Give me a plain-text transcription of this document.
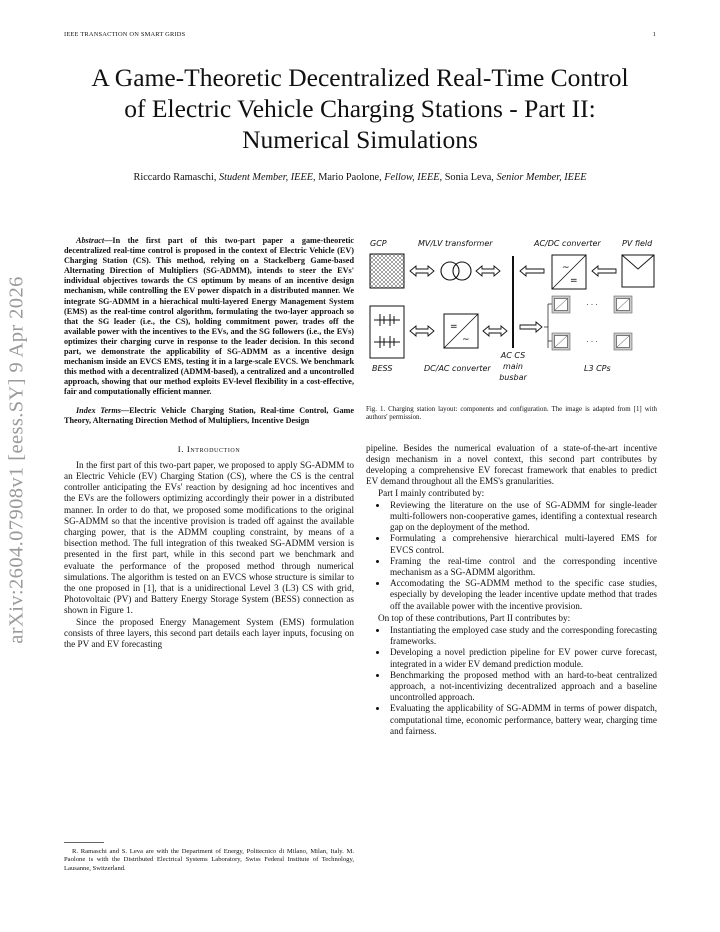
IEEE TRANSACTION ON SMART GRIDS	1
A Game-Theoretic Decentralized Real-Time Control
of Electric Vehicle Charging Stations - Part II:
Numerical Simulations
Riccardo Ramaschi, Student Member, IEEE, Mario Paolone, Fellow, IEEE, Sonia Leva, Senior Member, IEEE
arXiv:2604.07908v1 [eess.SY] 9 Apr 2026
Abstract—In the first part of this two-part paper a game-theoretic decentralized real-time control is proposed in the context of Electric Vehicle (EV) Charging Station (CS). This method, relying on a Stackelberg Game-based Alternating Direction of Multipliers (SG-ADMM), intends to steer the EVs' individual objectives towards the CS optimum by means of an incentive design mechanism, while controlling the EV power dispatch in a distributed manner. We integrate SG-ADMM in a hierachical multi-layered Energy Management System (EMS) as the real-time control algorithm, formulating the two-layer approach so that the SG leader (i.e., the CS), holding commitment power, trades off the available power with the incentives to the EVs, and the SG followers (i.e., the EVs) optimizes their charging curve in response to the leader decision. In this second part, we demonstrate the applicability of SG-ADMM as a incentive design mechanism inside an EVCS EMS, testing it in a large-scale EVCS. We benchmark this method with a decentralized (ADMM-based), a centralized and a uncontrolled approach, showing that our method exploits EV-level flexibility in a cost-effective, fair and computationally efficient manner.
Index Terms—Electric Vehicle Charging Station, Real-time Control, Game Theory, Alternating Direction Method of Multipliers, Incentive Design
I. Introduction

In the first part of this two-part paper, we proposed to apply SG-ADMM to an Electric Vehicle (EV) Charging Station (CS), where the CS is the central controller anticipating the EVs' reaction by designing ad hoc incentives and the EVs are the followers optimizing accordingly their power in a distributed manner. In order to do that, we proposed some modifications to the original SG-ADMM so that the incentive provision is traded off against the available charging power, that is the ADMM coupling constraint, by means of a bisection method. The full integration of this tweaked SG-ADMM version is presented in the first part, while in this second part we benchmark and evaluate the performance of the proposed method through numerical simulations. The algorithm is tested on an EVCS whose structure is similar to the one proposed in [1], that is a unidirectional Level 3 (L3) CS with grid, Photovoltaic (PV) and Battery Energy Storage System (BESS) connection as shown in Figure 1.

Since the proposed Energy Management System (EMS) formulation consists of three layers, this second part details each layer inputs, focusing on the PV and EV forecasting

R. Ramaschi and S. Leva are with the Department of Energy, Politecnico di Milano, Milan, Italy. M. Paolone is with the Distributed Electrical Systems Laboratory, Swiss Federal Institute of Technology, Lausanne, Switzerland.
GCP	MV/LV transformer	AC/DC converter	PV field
BESS	DC/AC converter
AC CS
main
busbar
L3 CPs
~
=
=
~
· · ·
· · ·
Fig. 1. Charging station layout: components and configuration. The image is adapted from [1] with authors' permission.

pipeline. Besides the numerical evaluation of a state-of-the-art incentive design mechanism in a novel context, this second part contributes by developing a comprehensive EV forecast framework that enables to predict EV demand throughout all the EMS's granularities.

Part I mainly contributed by:

• Reviewing the literature on the use of SG-ADMM for single-leader multi-followers non-cooperative games, identifing a contextual research gap on the deployment of the method.
• Formulating a comprehensive hierarchical multi-layered EMS for EVCS control.
• Framing the real-time control and the corresponding incentive mechanism as a SG-ADMM algorithm.
• Accomodating the SG-ADMM method to the specific case studies, especially by developing the leader incentive update method that trades off the available power with the incentive provision.

On top of these contributions, Part II contributes by:

• Instantiating the employed case study and the corresponding forecasting frameworks.
• Developing a novel prediction pipeline for EV power curve forecast, integrated in a wider EV demand prediction module.
• Benchmarking the proposed method with an hard-to-beat centralized approach, a not-incentivizing decentralized approach and a baseline uncontrolled approach.
• Evaluating the applicability of SG-ADMM in terms of power dispatch, computational time, economic performance, battery wear, charging time and fairness.
